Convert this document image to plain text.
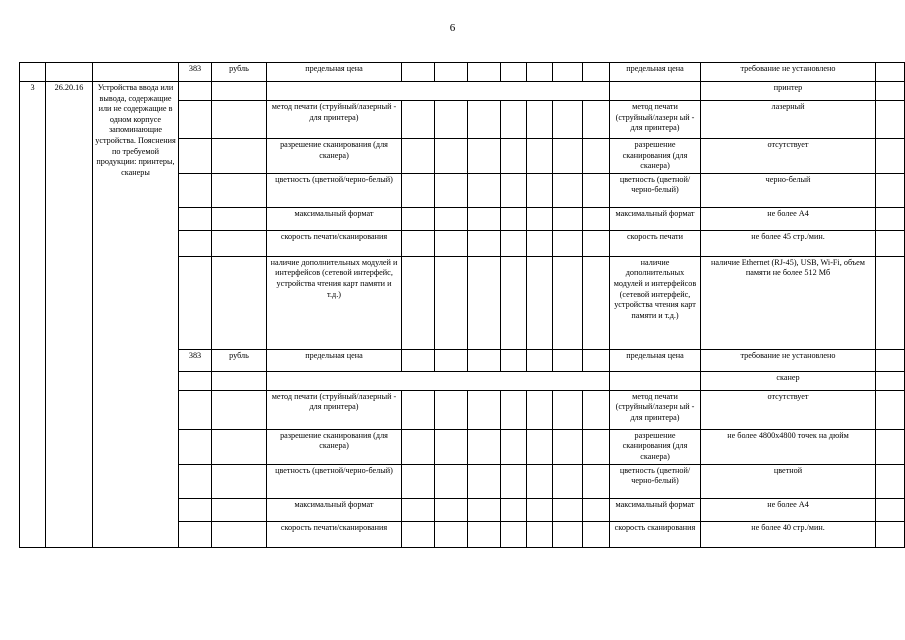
6
			383	рубль	предельная цена								предельная цена	требование не установлено		
3	26.20.16	Устройства ввода или вывода, содержащие или не содержащие в одном корпусе запоминающие устройства. Пояснения по требуемой продукции: принтеры, сканеры												принтер		
					метод печати (струйный/лазерный - для принтера)								метод печати (струйный/лазерн ый - для принтера)	лазерный		
					разрешение сканирования (для сканера)								разрешение сканирования (для сканера)	отсутствует		
					цветность (цветной/черно-белый)								цветность (цветной/черно-белый)	черно-белый		
					максимальный формат								максимальный формат	не более А4		
					скорость печати/сканирования								скорость печати	не более 45 стр./мин.		
					наличие дополнительных модулей и интерфейсов (сетевой интерфейс, устройства чтения карт памяти и т.д.)								наличие дополнительных модулей и интерфейсов (сетевой интерфейс, устройства чтения карт памяти и т.д.)	наличие Ethernet (RJ-45), USB, Wi-Fi, объем памяти не более 512 Мб		
			383	рубль	предельная цена								предельная цена	требование не установлено		
														сканер		
					метод печати (струйный/лазерный - для принтера)								метод печати (струйный/лазерн ый - для принтера)	отсутствует		
					разрешение сканирования (для сканера)								разрешение сканирования (для сканера)	не более 4800x4800 точек на дюйм		
					цветность (цветной/черно-белый)								цветность (цветной/черно-белый)	цветной		
					максимальный формат								максимальный формат	не более А4		
					скорость печати/сканирования								скорость сканирования	не более 40 стр./мин.		
